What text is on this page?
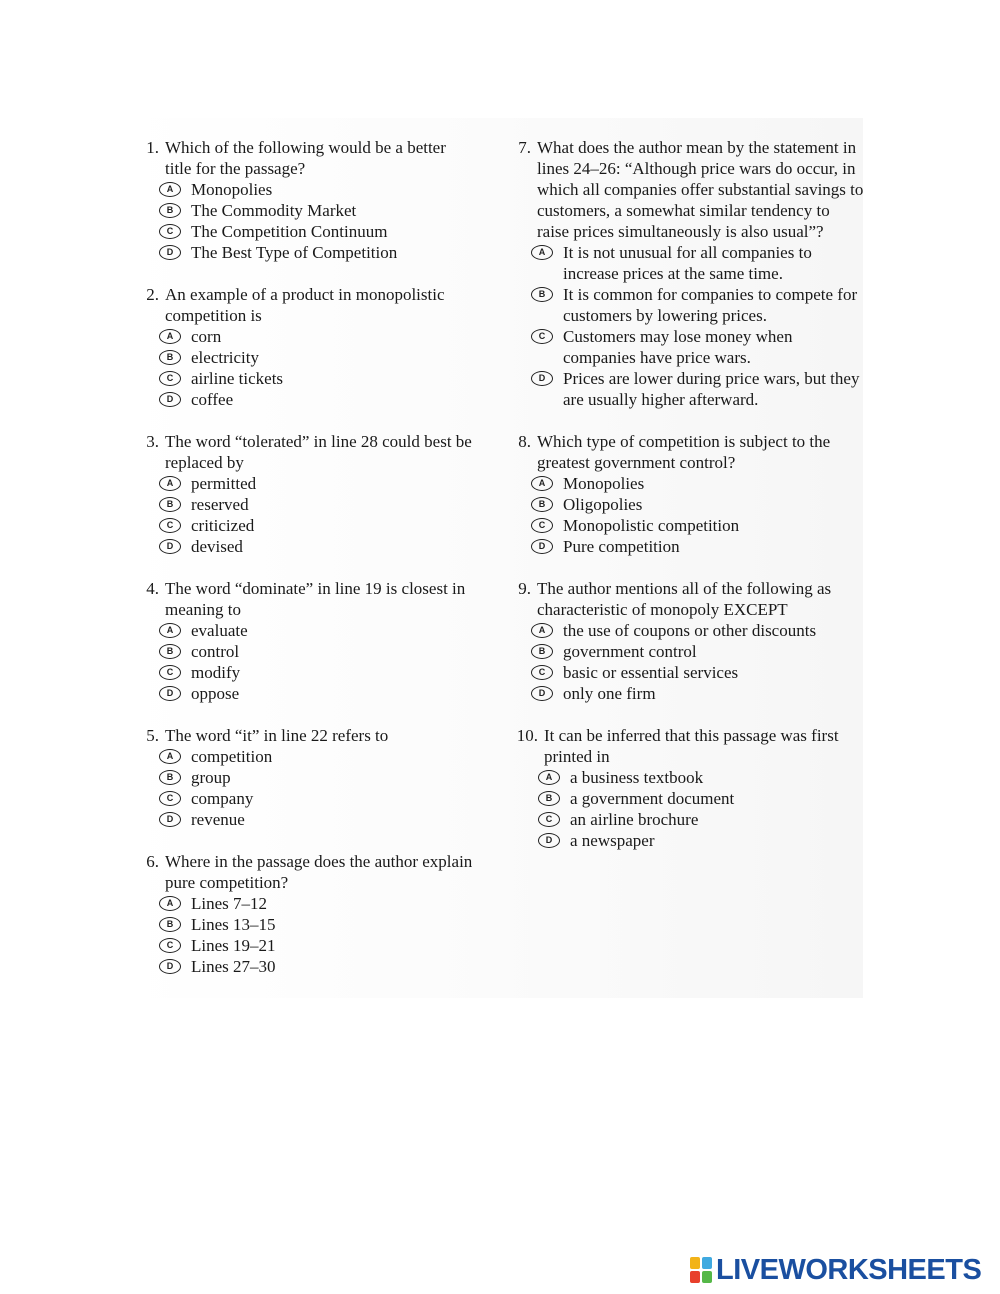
1. Which of the following would be a better title for the passage?
A	Monopolies
B	The Commodity Market
C	The Competition Continuum
D	The Best Type of Competition
2. An example of a product in monopolistic competition is
A	corn
B	electricity
C	airline tickets
D	coffee
3. The word “tolerated” in line 28 could best be replaced by
A	permitted
B	reserved
C	criticized
D	devised
4. The word “dominate” in line 19 is closest in meaning to
A	evaluate
B	control
C	modify
D	oppose
5. The word “it” in line 22 refers to
A	competition
B	group
C	company
D	revenue
6. Where in the passage does the author explain pure competition?
A	Lines 7–12
B	Lines 13–15
C	Lines 19–21
D	Lines 27–30
7. What does the author mean by the statement in lines 24–26: “Although price wars do occur, in which all companies offer substantial savings to customers, a somewhat similar tendency to raise prices simultaneously is also usual”?
A	It is not unusual for all companies to increase prices at the same time.
B	It is common for companies to compete for customers by lowering prices.
C	Customers may lose money when companies have price wars.
D	Prices are lower during price wars, but they are usually higher afterward.
8. Which type of competition is subject to the greatest government control?
A	Monopolies
B	Oligopolies
C	Monopolistic competition
D	Pure competition
9. The author mentions all of the following as characteristic of monopoly EXCEPT
A	the use of coupons or other discounts
B	government control
C	basic or essential services
D	only one firm
10. It can be inferred that this passage was first printed in
A	a business textbook
B	a government document
C	an airline brochure
D	a newspaper
LIVEWORKSHEETS
